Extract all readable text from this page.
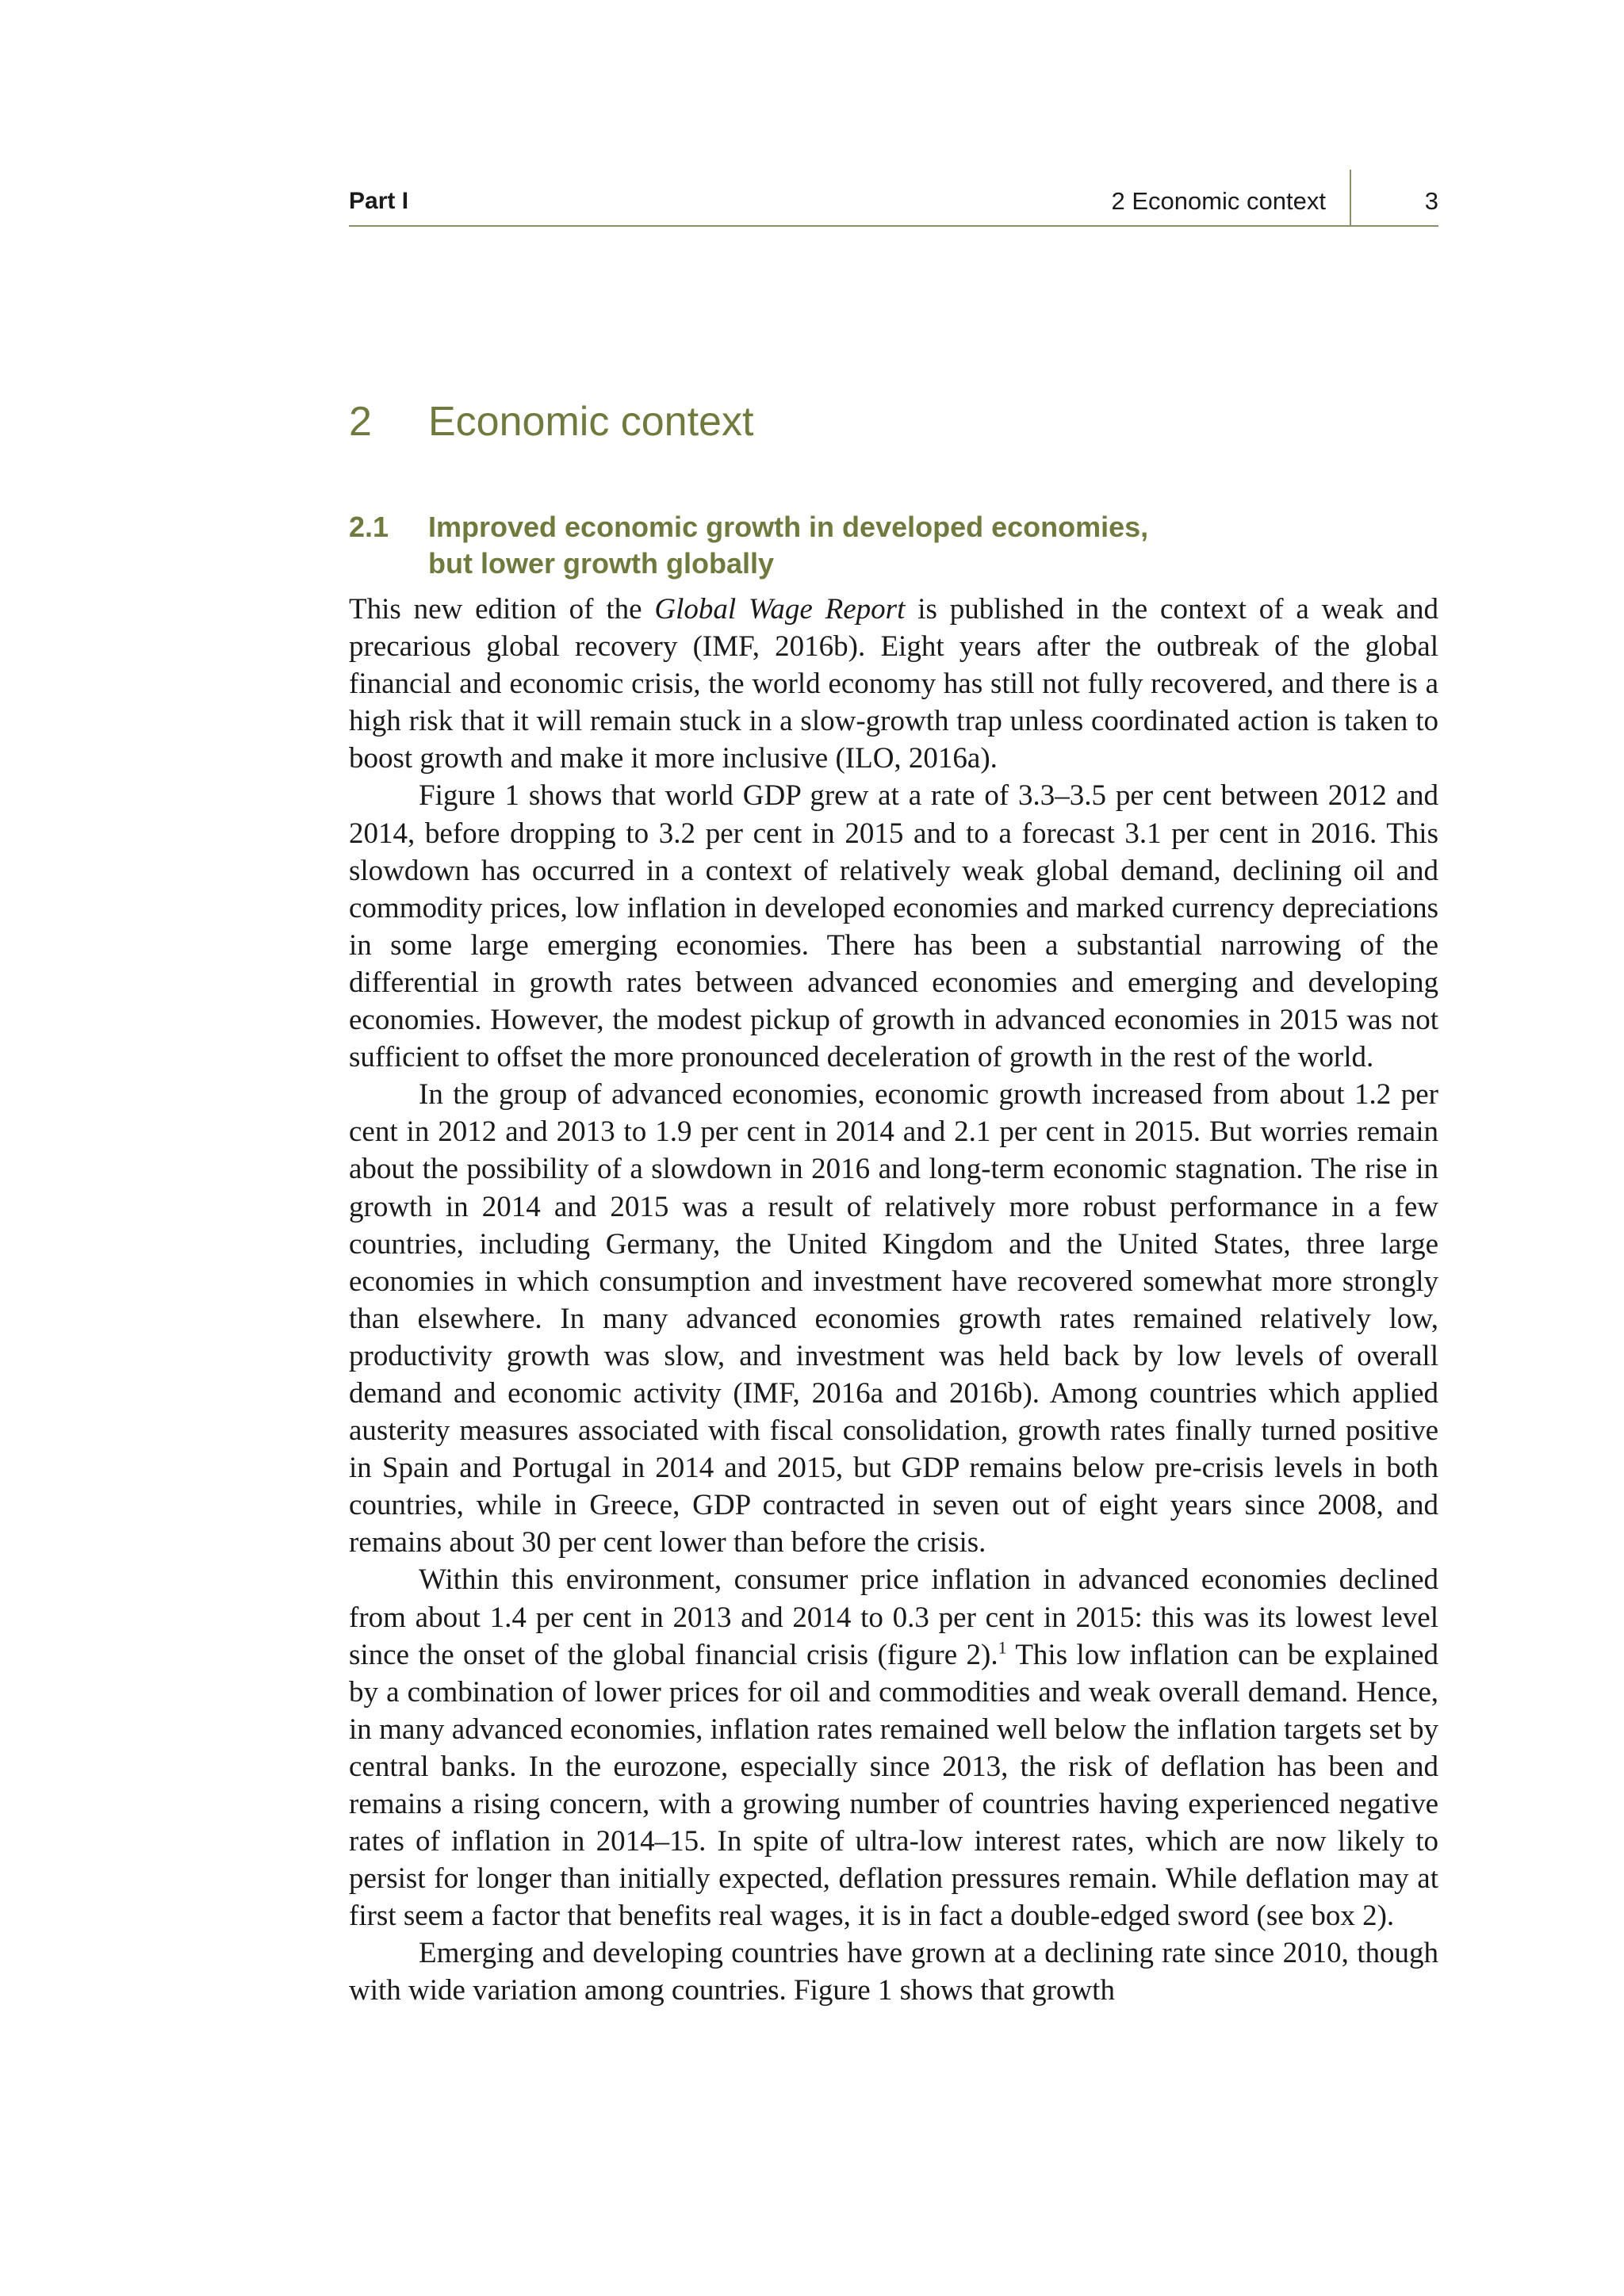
Part I	2 Economic context	3
2 Economic context
2.1 Improved economic growth in developed economies,
but lower growth globally

This new edition of the Global Wage Report is published in the context of a weak and precarious global recovery (IMF, 2016b). Eight years after the outbreak of the global financial and economic crisis, the world economy has still not fully recovered, and there is a high risk that it will remain stuck in a slow-growth trap unless coordinated action is taken to boost growth and make it more inclusive (ILO, 2016a).

Figure 1 shows that world GDP grew at a rate of 3.3–3.5 per cent between 2012 and 2014, before dropping to 3.2 per cent in 2015 and to a forecast 3.1 per cent in 2016. This slowdown has occurred in a context of relatively weak global demand, declining oil and commodity prices, low inflation in developed economies and marked currency depreciations in some large emerging economies. There has been a substantial narrowing of the differential in growth rates between advanced economies and emerging and developing economies. However, the modest pickup of growth in advanced economies in 2015 was not sufficient to offset the more pronounced deceleration of growth in the rest of the world.

In the group of advanced economies, economic growth increased from about 1.2 per cent in 2012 and 2013 to 1.9 per cent in 2014 and 2.1 per cent in 2015. But worries remain about the possibility of a slowdown in 2016 and long-term economic stagnation. The rise in growth in 2014 and 2015 was a result of relatively more robust performance in a few countries, including Germany, the United Kingdom and the United States, three large economies in which consumption and investment have recovered somewhat more strongly than elsewhere. In many advanced economies growth rates remained relatively low, productivity growth was slow, and investment was held back by low levels of overall demand and economic activity (IMF, 2016a and 2016b). Among countries which applied austerity measures associated with fiscal consolidation, growth rates finally turned positive in Spain and Portugal in 2014 and 2015, but GDP remains below pre-crisis levels in both countries, while in Greece, GDP contracted in seven out of eight years since 2008, and remains about 30 per cent lower than before the crisis.

Within this environment, consumer price inflation in advanced economies declined from about 1.4 per cent in 2013 and 2014 to 0.3 per cent in 2015: this was its lowest level since the onset of the global financial crisis (figure 2).$^1$ This low inflation can be explained by a combination of lower prices for oil and commodities and weak overall demand. Hence, in many advanced economies, inflation rates remained well below the inflation targets set by central banks. In the eurozone, especially since 2013, the risk of deflation has been and remains a rising concern, with a growing number of countries having experienced negative rates of inflation in 2014–15. In spite of ultra-low interest rates, which are now likely to persist for longer than initially expected, deflation pressures remain. While deflation may at first seem a factor that benefits real wages, it is in fact a double-edged sword (see box 2).

Emerging and developing countries have grown at a declining rate since 2010, though with wide variation among countries. Figure 1 shows that growth
